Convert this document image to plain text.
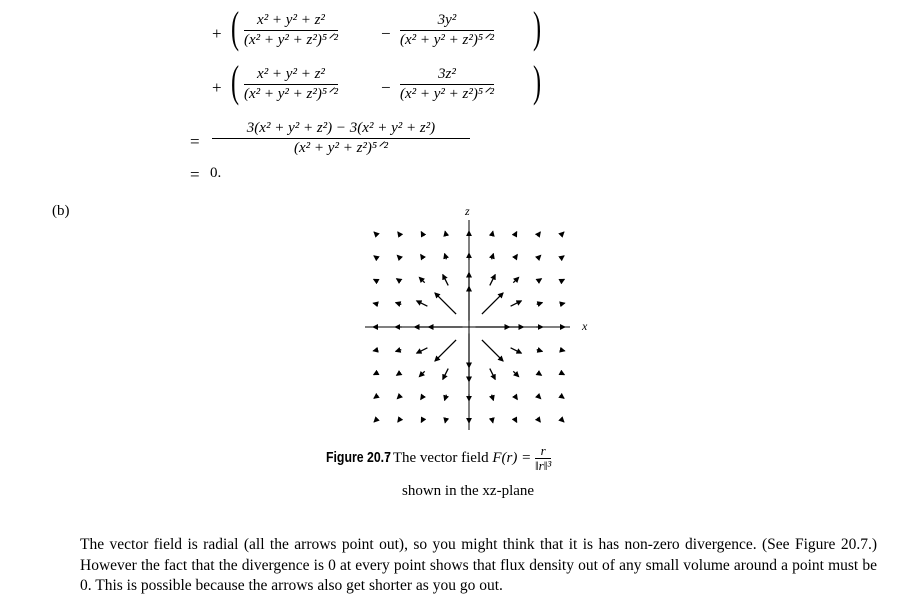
+ ( x² + y² + z²
(x² + y² + z²)⁵ᐟ²	−
3y²
(x² + y² + z²)⁵ᐟ² )
+ ( x² + y² + z²
(x² + y² + z²)⁵ᐟ²	−
3z²
(x² + y² + z²)⁵ᐟ² )
=
3(x² + y² + z²) − 3(x² + y² + z²)
(x² + y² + z²)⁵ᐟ²
= 0.
(b)	z
x
Figure 20.7: The vector field $F(r) = \frac{r}{\text{‖r‖³}}$
shown in the xz-plane
The vector field is radial (all the arrows point out), so you might think that it is has non-zero divergence. (See Figure 20.7.) However the fact that the divergence is 0 at every point shows that flux density out of any small volume around a point must be 0. This is possible because the arrows also get shorter as you go out.
